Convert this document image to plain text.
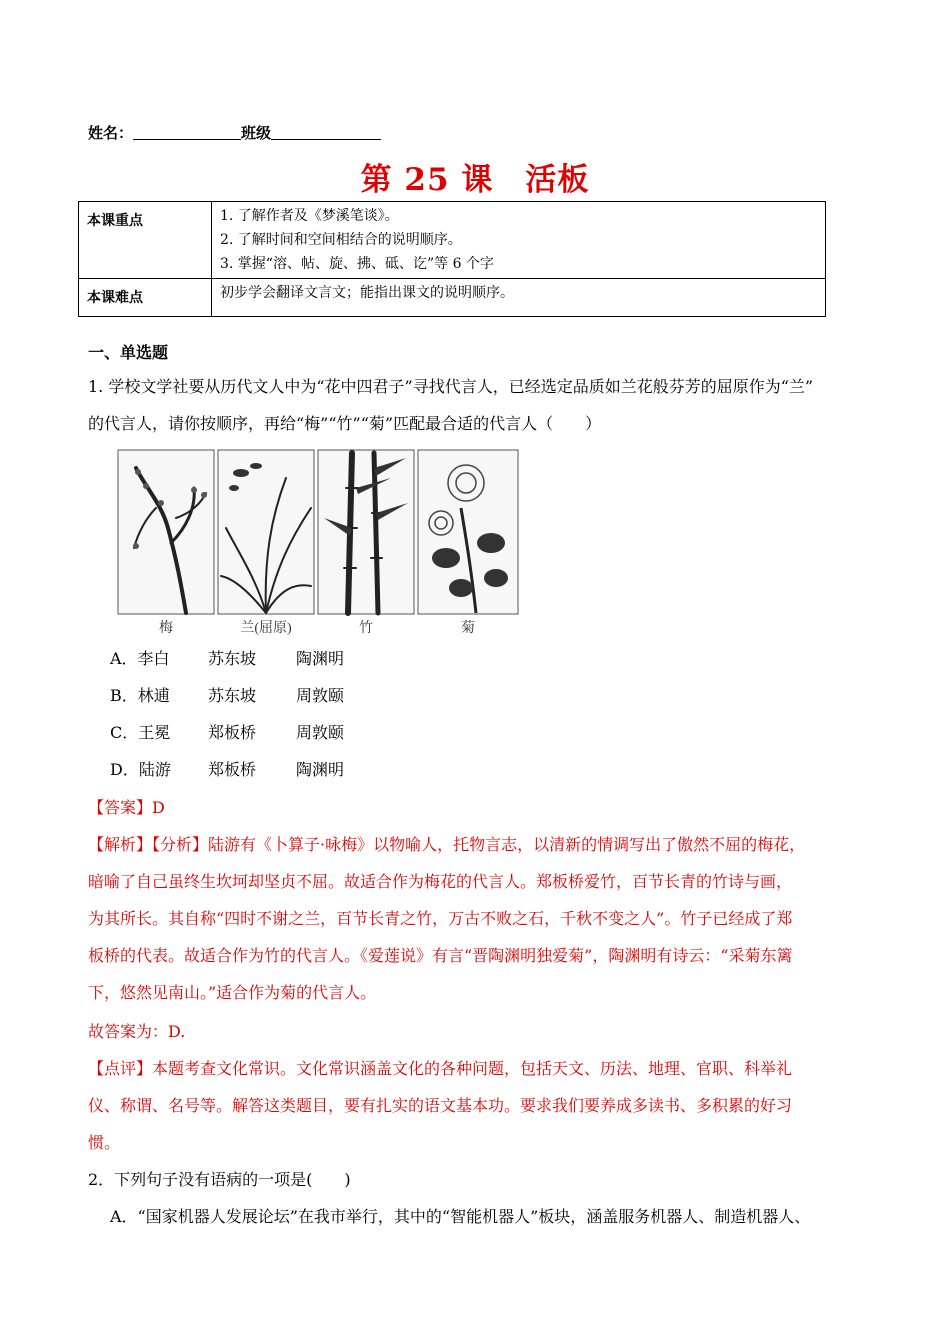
姓名：	班级
第 25 课　活板
本课重点	1. 了解作者及《梦溪笔谈》。
2. 了解时间和空间相结合的说明顺序。
3. 掌握“溶、帖、旋、拂、砥、讫”等 6 个字

本课难点	初步学会翻译文言文；能指出课文的说明顺序。
一、单选题
1. 学校文学社要从历代文人中为“花中四君子”寻找代言人，已经选定品质如兰花般芬芳的屈原作为“兰”
的代言人，请你按顺序，再给“梅”“竹”“菊”匹配最合适的代言人（　　）
梅	兰(屈原)	竹	菊
A．李白 苏东坡 陶渊明
B．林逋 苏东坡 周敦颐
C．王冕 郑板桥 周敦颐
D．陆游 郑板桥 陶渊明
【答案】D
【解析】【分析】陆游有《卜算子·咏梅》以物喻人，托物言志，以清新的情调写出了傲然不屈的梅花，
暗喻了自己虽终生坎坷却坚贞不屈。故适合作为梅花的代言人。郑板桥爱竹，百节长青的竹诗与画，
为其所长。其自称“四时不谢之兰，百节长青之竹，万古不败之石，千秋不变之人”。竹子已经成了郑
板桥的代表。故适合作为竹的代言人。《爱莲说》有言“晋陶渊明独爱菊”，陶渊明有诗云：“采菊东篱
下，悠然见南山。”适合作为菊的代言人。
故答案为：D.
【点评】本题考查文化常识。文化常识涵盖文化的各种问题，包括天文、历法、地理、官职、科举礼
仪、称谓、名号等。解答这类题目，要有扎实的语文基本功。要求我们要养成多读书、多积累的好习
惯。
2．下列句子没有语病的一项是(　　)
A．“国家机器人发展论坛”在我市举行，其中的“智能机器人”板块，涵盖服务机器人、制造机器人、
